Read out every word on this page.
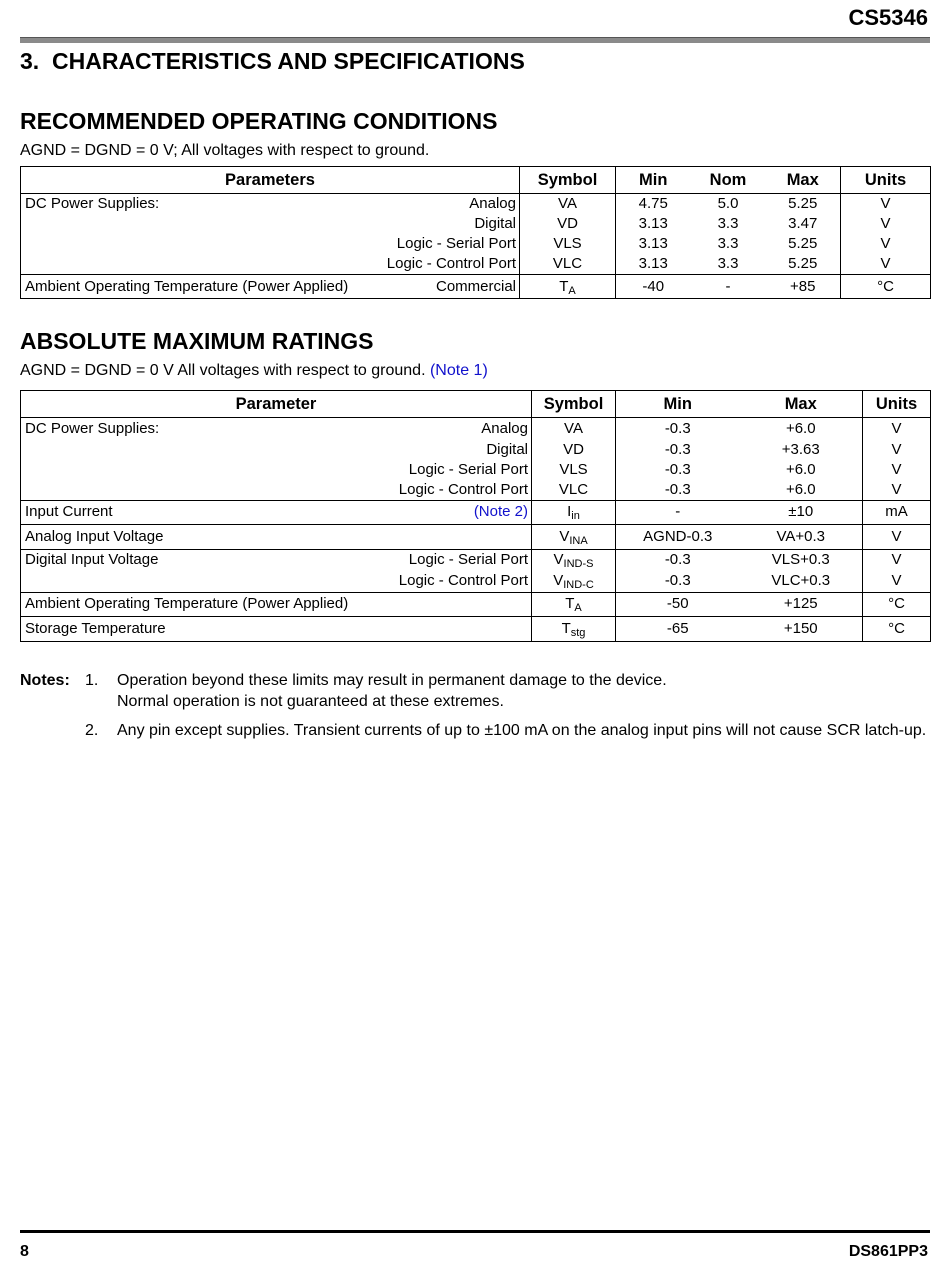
CS5346
3. CHARACTERISTICS AND SPECIFICATIONS
RECOMMENDED OPERATING CONDITIONS
AGND = DGND = 0 V; All voltages with respect to ground.
Parameters	Symbol	Min	Nom	Max	Units

DC Power Supplies: Analog	VA	4.75	5.0	5.25	V

Digital	VD	3.13	3.3	3.47	V

Logic - Serial Port	VLS	3.13	3.3	5.25	V

Logic - Control Port	VLC	3.13	3.3	5.25	V

Ambient Operating Temperature (Power Applied) Commercial	$T_A$	-40	-	+85	°C
ABSOLUTE MAXIMUM RATINGS
AGND = DGND = 0 V All voltages with respect to ground. (Note 1)
Parameter	Symbol	Min	Max	Units

DC Power Supplies: Analog	VA	-0.3	+6.0	V

Digital	VD	-0.3	+3.63	V

Logic - Serial Port	VLS	-0.3	+6.0	V

Logic - Control Port	VLC	-0.3	+6.0	V

Input Current (Note 2)	$I_{in}$	-	±10	mA

Analog Input Voltage	$V_{INA}$	AGND-0.3	VA+0.3	V

Digital Input Voltage Logic - Serial Port	$V_{IND-S}$	-0.3	VLS+0.3	V

Logic - Control Port	$V_{IND-C}$	-0.3	VLC+0.3	V

Ambient Operating Temperature (Power Applied)	$T_A$	-50	+125	°C

Storage Temperature	$T_{stg}$	-65	+150	°C
Notes: 1. Operation beyond these limits may result in permanent damage to the device.
Normal operation is not guaranteed at these extremes.
2. Any pin except supplies. Transient currents of up to ±100 mA on the analog input pins will not cause SCR latch-up.
8	DS861PP3
